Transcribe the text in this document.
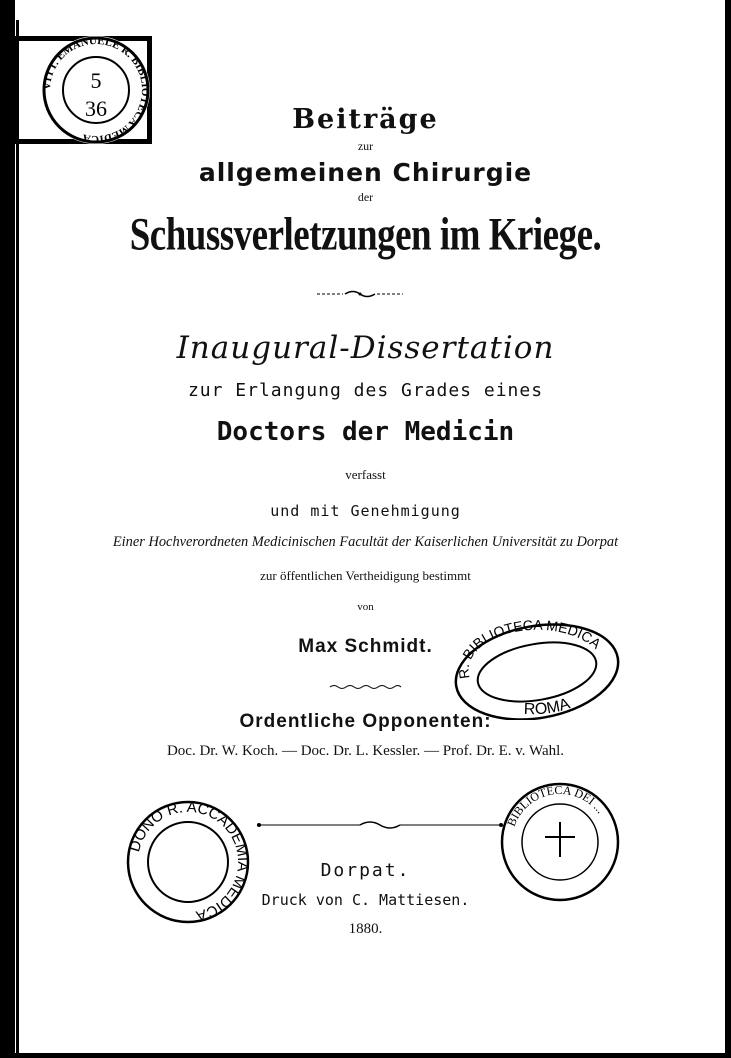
VITT. EMANUELE R. BIBLIOTECA MEDICA
5
36	Beiträge
zur
allgemeinen Chirurgie
der
Schussverletzungen im Kriege.
Inaugural-Dissertation
zur Erlangung des Grades eines
Doctors der Medicin
verfasst
und mit Genehmigung
Einer Hochverordneten Medicinischen Facultät der Kaiserlichen Universität zu Dorpat
zur öffentlichen Vertheidigung bestimmt
von
Max Schmidt.
R. BIBLIOTECA MEDICA
ROMA
Ordentliche Opponenten:
Doc. Dr. W. Koch. — Doc. Dr. L. Kessler. — Prof. Dr. E. v. Wahl.
DONO R. ACCADEMIA MEDICA
BIBLIOTECA DEI ...
Dorpat.
Druck von C. Mattiesen.
1880.
